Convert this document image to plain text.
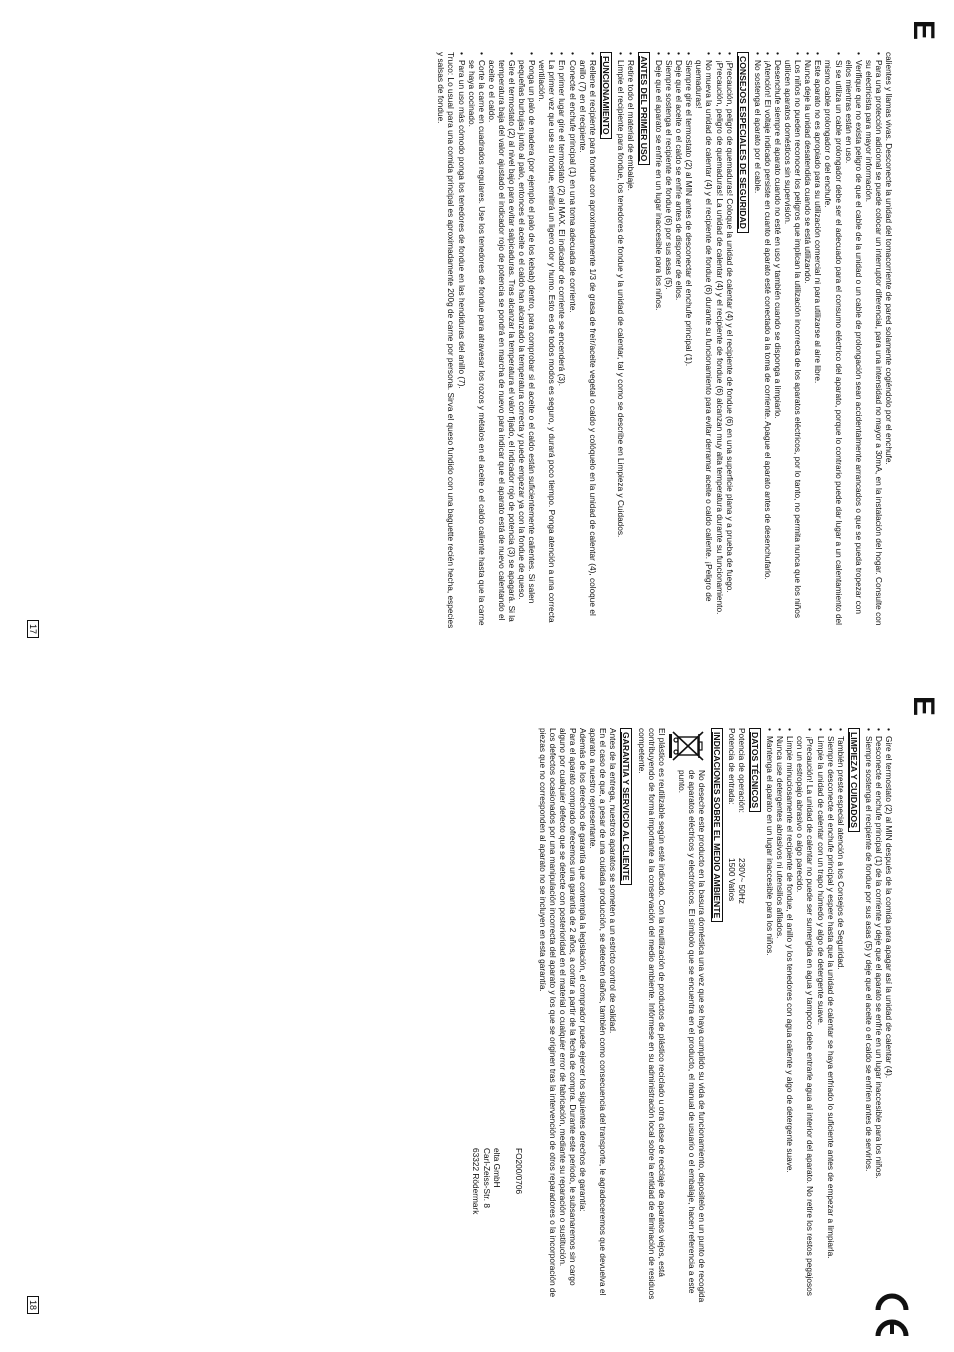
E

calientes y llamas vivas. Desconecte la unidad del tomacorriente de pared solamente cogiéndolo por el enchufe.

• Para una protección adicional se puede colocar un interruptor diferencial, para una intensidad no mayor a 30mA, en la instalación del hogar. Consulte con su electricista para mayor información.
• Verifique que no exista peligro de que el cable de la unidad o un cable de prolongación sean accidentalmente arrancados o que se pueda tropezar con ellos mientras están en uso.
• Si se utiliza un cable prolongador debe ser el adecuado para el consumo eléctrico del aparato, porque lo contrario puede dar lugar a un calentamiento del mismo cable prolongador o del enchufe.
• Este aparato no es apropiado para su utilización comercial ni para utilizarse al aire libre.
• Nunca deje la unidad desatendida cuando se está utilizando.
• Los niños no pueden reconocer los peligros que implican la utilización incorrecta de los aparatos eléctricos, por lo tanto, no permita nunca que los niños utilicen aparatos domésticos sin supervisión.
• Desenchufe siempre el aparato cuando no esté en uso y también cuando se disponga a limpiarlo.
• ¡Atención! El voltaje indicado persiste en cuanto el aparato esté conectado a la toma de corriente. Apague el aparato antes de desenchufarlo.
• No sostenga el aparato por el cable.
CONSEJOS ESPECIALES DE SEGURIDAD
• ¡Precaución, peligro de quemaduras! Coloque la unidad de calentar (4) y el recipiente de fondue (6) en una superficie plana y a prueba de fuego.
• ¡Precaución, peligro de quemaduras! La unidad de calentar (4) y el recipiente de fondue (6) alcanzan muy alta temperatura durante su funcionamiento.
• No mueva la unidad de calentar (4) y el recipiente de fondue (6) durante su funcionamiento para evitar derramar aceite o caldo caliente. ¡Peligro de quemaduras!
• Siempre gire el termostato (2) al MIN antes de desconectar el enchufe principal (1).
• Deje que el aceite o el caldo se enfríe antes de disponer de ellos.
• Siempre sostenga el recipiente de fondue (6) por sus asas (5).
• Deje que el aparato se enfríe en un lugar inaccesible para los niños.
ANTES DEL PRIMER USO
• Retire todo el material de embalaje.
• Limpie el recipiente para fondue, los tenedores de fondue y la unidad de calentar, tal y como se describe en Limpieza y Cuidados.
FUNCIONAMIENTO
• Rellene el recipiente para fondue con aproximadamente 1/3 de grasa de freír/aceite vegetal o caldo y colóquelo en la unidad de calentar (4), coloque el anillo (7) en el recipiente.
• Conecte el enchufe principal (1) en una toma adecuada de corriente.
• En primer lugar gire el termostato (2) al MAX. El indicador de corriente se encenderá (3).
• La primer vez que use su fondue, emitirá un ligero olor y humo. Esto es de todos modos es seguro, y durará poco tiempo. Ponga atención a una correcta ventilación.
• Ponga un palo de madera (por ejemplo el palo de los kebab) dentro, para comprobar si el aceite o el caldo están suficientemente calientes. Si salen pequeñas burbujas junto al palo, entonces el aceite o el caldo han alcanzado la temperatura correcta y puede empezar ya con la fondue de queso.
• Gire el termostato (2) al nivel bajo para evitar salpicaduras. Tras alcanzar la temperatura el valor fijado, el indicador rojo de potencia (3) se apagará. Si la temperatura baja del valor ajustado el indicador rojo de potencia se pondrá en marcha de nuevo para indicar que el aparato está de nuevo calentando el aceite o el caldo.
• Corte la carne en cuadrados regulares. Use los tenedores de fondue para atravesar los rozos y métalos en el aceite o el caldo caliente hasta que la carne se haya cocinado.
• Para un uso más cómodo ponga los tenedores de fondue en las hendiduras del anillo (7).

Truco: Lo usual para una comida principal es aproximadamente 200g de carne por persona. Sirva el queso fundido con una baguette recién hecha, especies y salsas de fondue.

17
E
• Gire el termostato (2) al MIN después de la comida para apagar así la unidad de calentar (4).
• Desconecte el enchufe principal (1) de la corriente y deje que el aparato se enfríe en un lugar inaccesible para los niños.
• Siempre sostenga el recipiente de fondue por sus asas (5) y deje que el aceite o el caldo se enfríen antes de servirlos.
LIMPIEZA Y CUIDADOS
• También preste especial atención a los Consejos de Seguridad.
• Siempre desconecte el enchufe principal y espere hasta que la unidad de calentar se haya enfriado lo suficiente antes de empezar a limpiarla.
• Limpie la unidad de calentar con un trapo húmedo y algo de detergente suave.
• ¡Precaución! La unidad de calentar no puede ser sumergida en agua y tampoco debe entrarle agua al interior del aparato. No retire los restos pegajosos con un estropajo abrasivo o algo parecido.
• Limpie minuciosamente el recipiente de fondue, el anillo y los tenedores con agua caliente y algo de detergente suave.
• Nunca use detergentes abrasivos ni utensilios afilados.
• Mantenga el aparato en un lugar inaccesible para los niños.
DATOS TÉCNICOS
Potencia de operación:	230V~ 50Hz
Potencia de entrada:	1500 Vatios
INDICACIONES SOBRE EL MEDIO AMBIENTE

No deseche este producto en la basura doméstica una vez que se haya cumplido su vida de funcionamiento, depositelo en un punto de recogida de aparatos eléctricos y electrónicos. El símbolo que se encuentra en el producto, el manual de usuario o el embalaje, hacen referencia a este punto.

El plástico es reutilizable según esté indicado. Con la reutilización de productos de plástico reciclado u otra clase de reciclaje de aparatos viejos, está contribuyendo de forma importante a la conservación del medio ambiente. Infórmese en su administración local sobre la entidad de eliminación de residuos competente.

GARANTIA Y SERVICIO AL CLIENTE

Antes de la entrega, nuestros aparatos se someten a un estricto control de calidad.

En el caso de que, a pesar de una cuidada producción, se detecten daños, también como consecuencia del transporte, le agradeceremos que devuelva el aparato a nuestro representante.

Además de los derechos de garantía que contempla la legislación, el comprador puede ejercer los siguientes derechos de garantía:

Para el aparato comprado ofrecemos una garantía de 2 años, a contar a partir de la fecha de compra. Durante este periodo, le subsanaremos sin cargo alguno por cualquier defecto que se detecte con posterioridad en el material o cualquier error de fabricación, mediante su reparación o sustitución.

Los defectos ocasionados por una manipulación incorrecta del aparato y los que se originen tras la intervención de otros reparadores o la incorporación de piezas que no corresponden al aparato no se incluyen en esta garantía.

FO200/0706
elta GmbH
Carl-Zeiss-Str. 8
63322 Rödermark
18
